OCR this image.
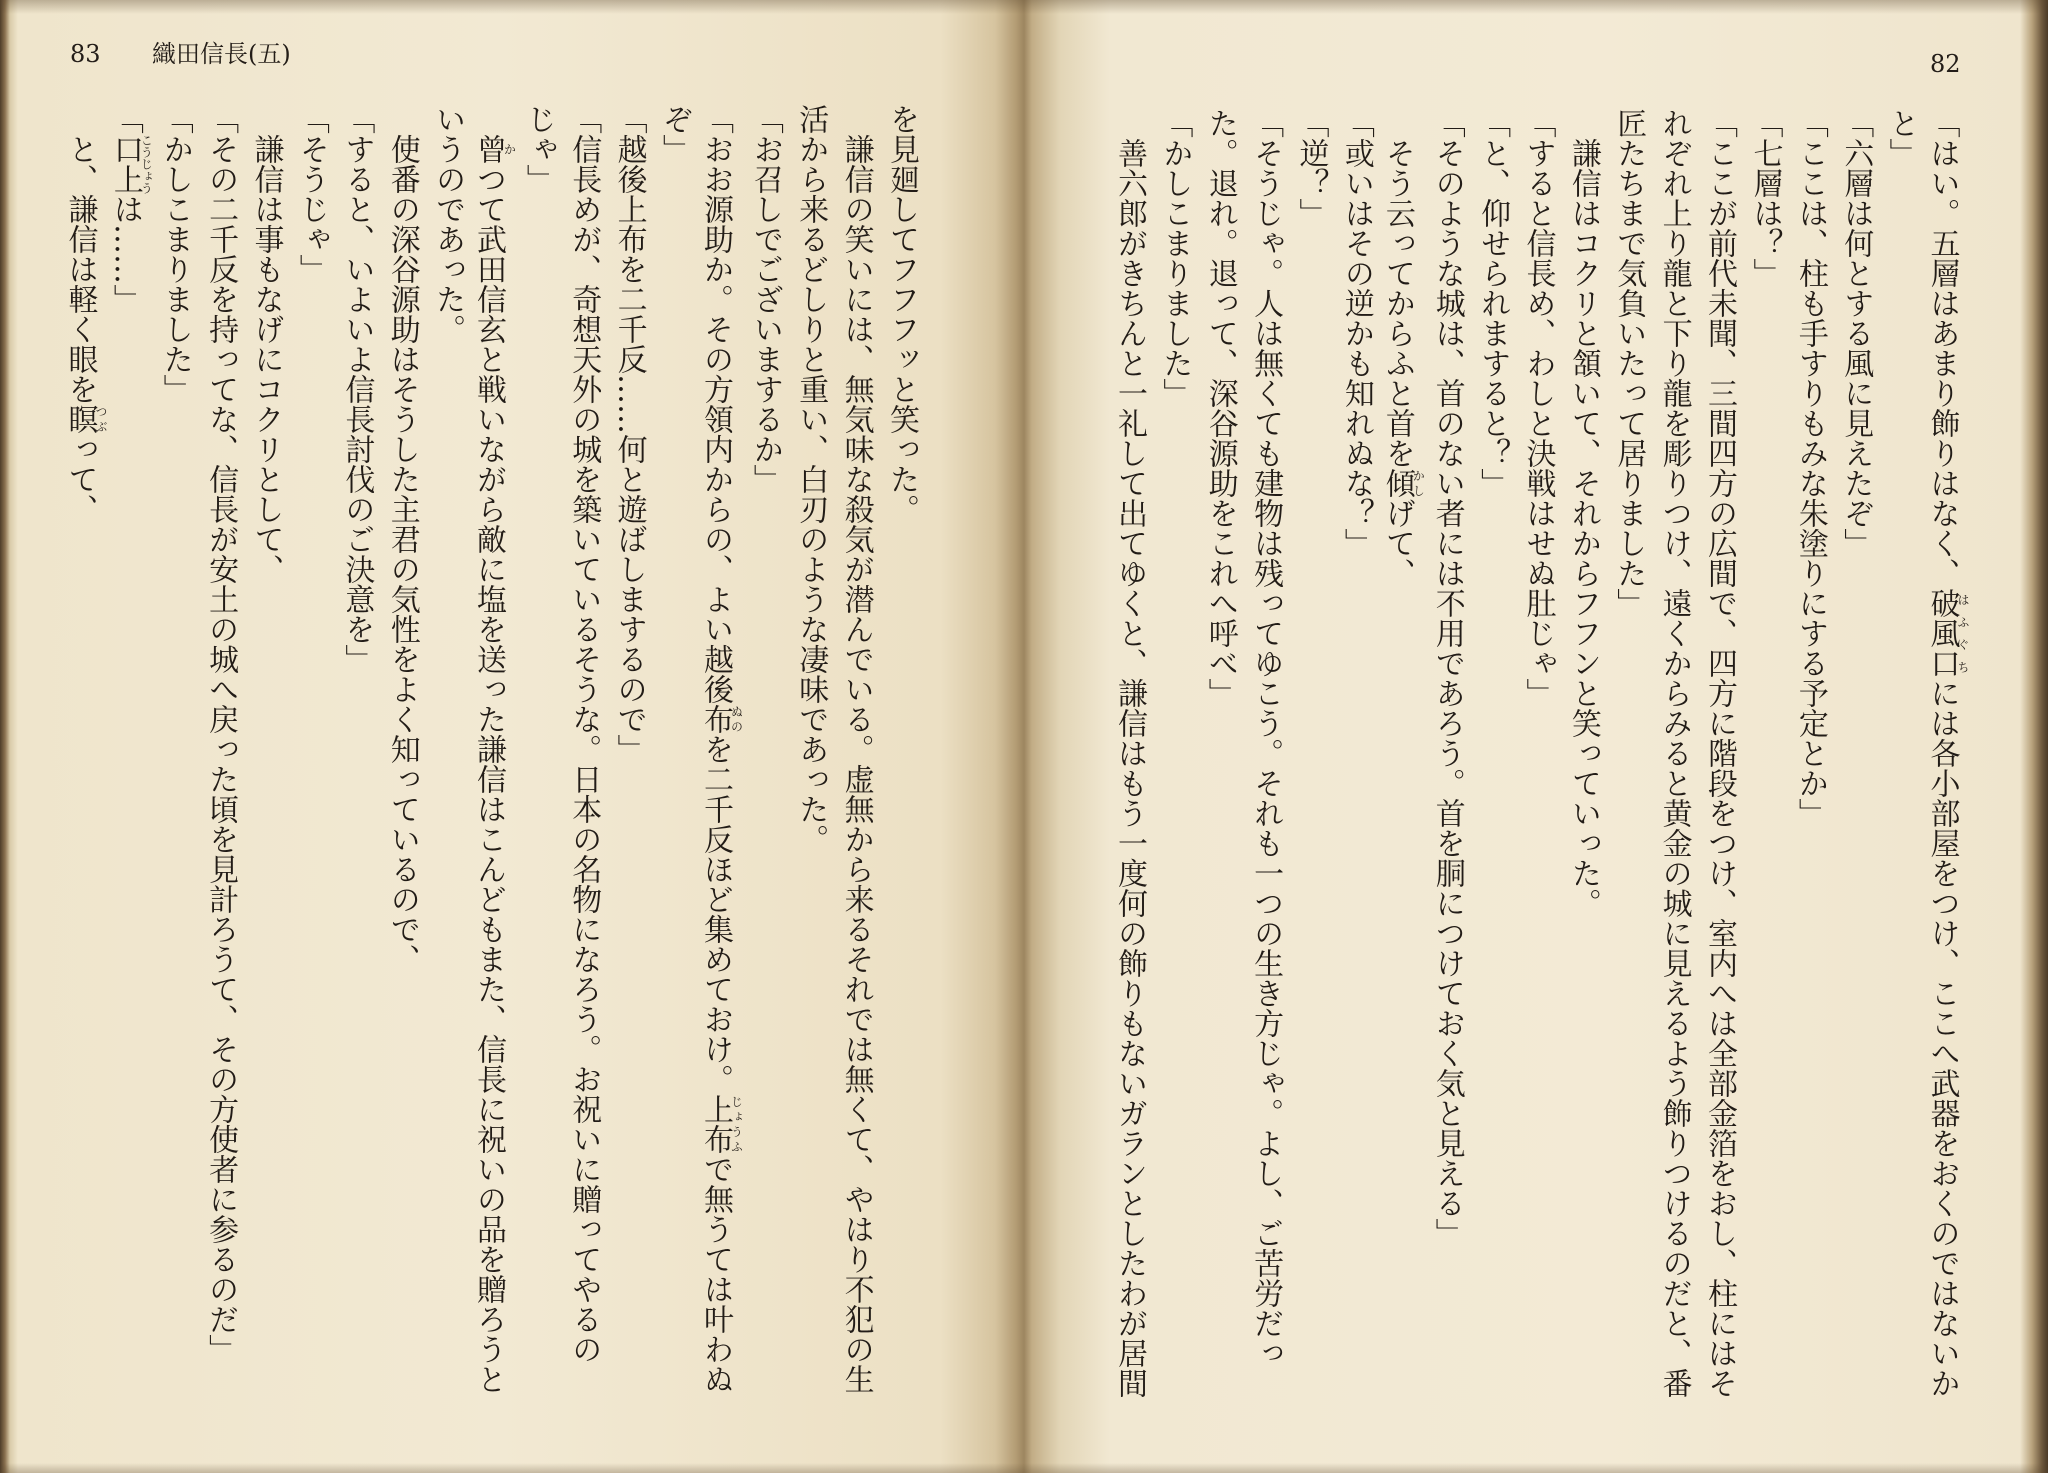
83 織田信長(五)	82
「はい。五層はあまり飾りはなく、破風口はふぐちには各小部屋をつけ、ここへ武器をおくのではないか
と」
「六層は何とする風に見えたぞ」
「ここは、柱も手すりもみな朱塗りにする予定とか」
「七層は？」
「ここが前代未聞、三間四方の広間で、四方に階段をつけ、室内へは全部金箔をおし、柱にはそ
れぞれ上り龍と下り龍を彫りつけ、遠くからみると黄金の城に見えるよう飾りつけるのだと、番
匠たちまで気負いたって居りました」
謙信はコクリと頷いて、それからフフンと笑っていった。
「すると信長め、わしと決戦はせぬ肚じゃ」
「と、仰せられますると？」
「そのような城は、首のない者には不用であろう。首を胴につけておく気と見える」
そう云ってからふと首を傾かしげて、
「或いはその逆かも知れぬな？」
「逆？」
「そうじゃ。人は無くても建物は残ってゆこう。それも一つの生き方じゃ。よし、ご苦労だっ
た。退れ。退って、深谷源助をこれへ呼べ」
「かしこまりました」
善六郎がきちんと一礼して出てゆくと、謙信はもう一度何の飾りもないガランとしたわが居間
を見廻してフフフッと笑った。
謙信の笑いには、無気味な殺気が潜んでいる。虚無から来るそれでは無くて、やはり不犯の生
活から来るどしりと重い、白刃のような凄味であった。
「お召しでございまするか」
「おお源助か。その方領内からの、よい越後布ぬのを二千反ほど集めておけ。上布じょうふで無うては叶わぬ
ぞ」
「越後上布を二千反……何と遊ばしまするので」
「信長めが、奇想天外の城を築いているそうな。日本の名物になろう。お祝いに贈ってやるの
じゃ」
曾かつて武田信玄と戦いながら敵に塩を送った謙信はこんどもまた、信長に祝いの品を贈ろうと
いうのであった。
使番の深谷源助はそうした主君の気性をよく知っているので、
「すると、いよいよ信長討伐のご決意を」
「そうじゃ」
謙信は事もなげにコクリとして、
「その二千反を持ってな、信長が安土の城へ戻った頃を見計ろうて、その方使者に参るのだ」
「かしこまりました」
「口上こうじょうは……」
と、謙信は軽く眼を瞑つぶって、
